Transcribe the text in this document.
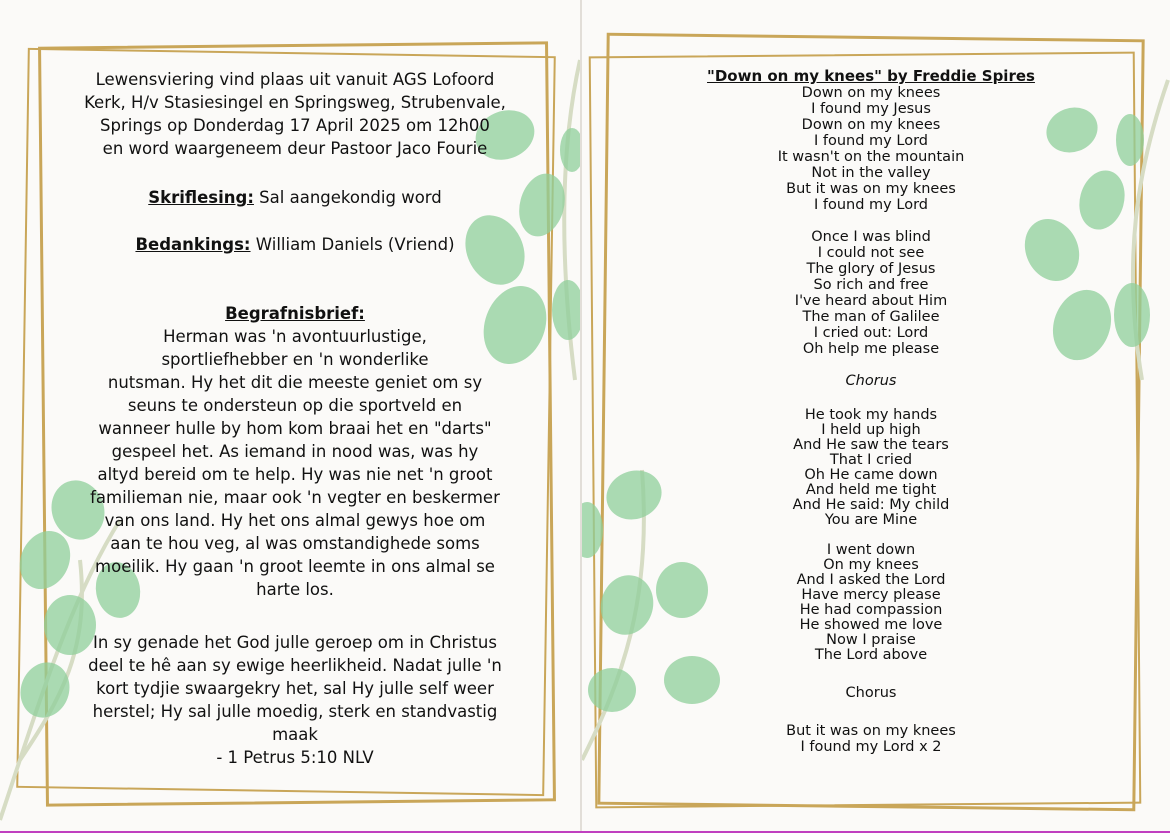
Lewensviering vind plaas uit vanuit AGS Lofoord

Kerk, H/v Stasiesingel en Springsweg, Strubenvale,

Springs op Donderdag 17 April 2025 om 12h00

en word waargeneem deur Pastoor Jaco Fourie

Skriflesing: Sal aangekondig word

Bedankings: William Daniels (Vriend)

Begrafnisbrief:

Herman was 'n avontuurlustige,

sportliefhebber en 'n wonderlike

nutsman. Hy het dit die meeste geniet om sy

seuns te ondersteun op die sportveld en

wanneer hulle by hom kom braai het en "darts"

gespeel het. As iemand in nood was, was hy

altyd bereid om te help. Hy was nie net 'n groot

familieman nie, maar ook 'n vegter en beskermer

van ons land. Hy het ons almal gewys hoe om

aan te hou veg, al was omstandighede soms

moeilik. Hy gaan 'n groot leemte in ons almal se

harte los.

In sy genade het God julle geroep om in Christus

deel te hê aan sy ewige heerlikheid. Nadat julle 'n

kort tydjie swaargekry het, sal Hy julle self weer

herstel; Hy sal julle moedig, sterk en standvastig

maak

- 1 Petrus 5:10 NLV

"Down on my knees" by Freddie Spires

Down on my knees

I found my Jesus

Down on my knees

I found my Lord

It wasn't on the mountain

Not in the valley

But it was on my knees

I found my Lord

Once I was blind

I could not see

The glory of Jesus

So rich and free

I've heard about Him

The man of Galilee

I cried out: Lord

Oh help me please

Chorus

He took my hands

I held up high

And He saw the tears

That I cried

Oh He came down

And held me tight

And He said: My child

You are Mine

I went down

On my knees

And I asked the Lord

Have mercy please

He had compassion

He showed me love

Now I praise

The Lord above

Chorus

But it was on my knees

I found my Lord x 2
